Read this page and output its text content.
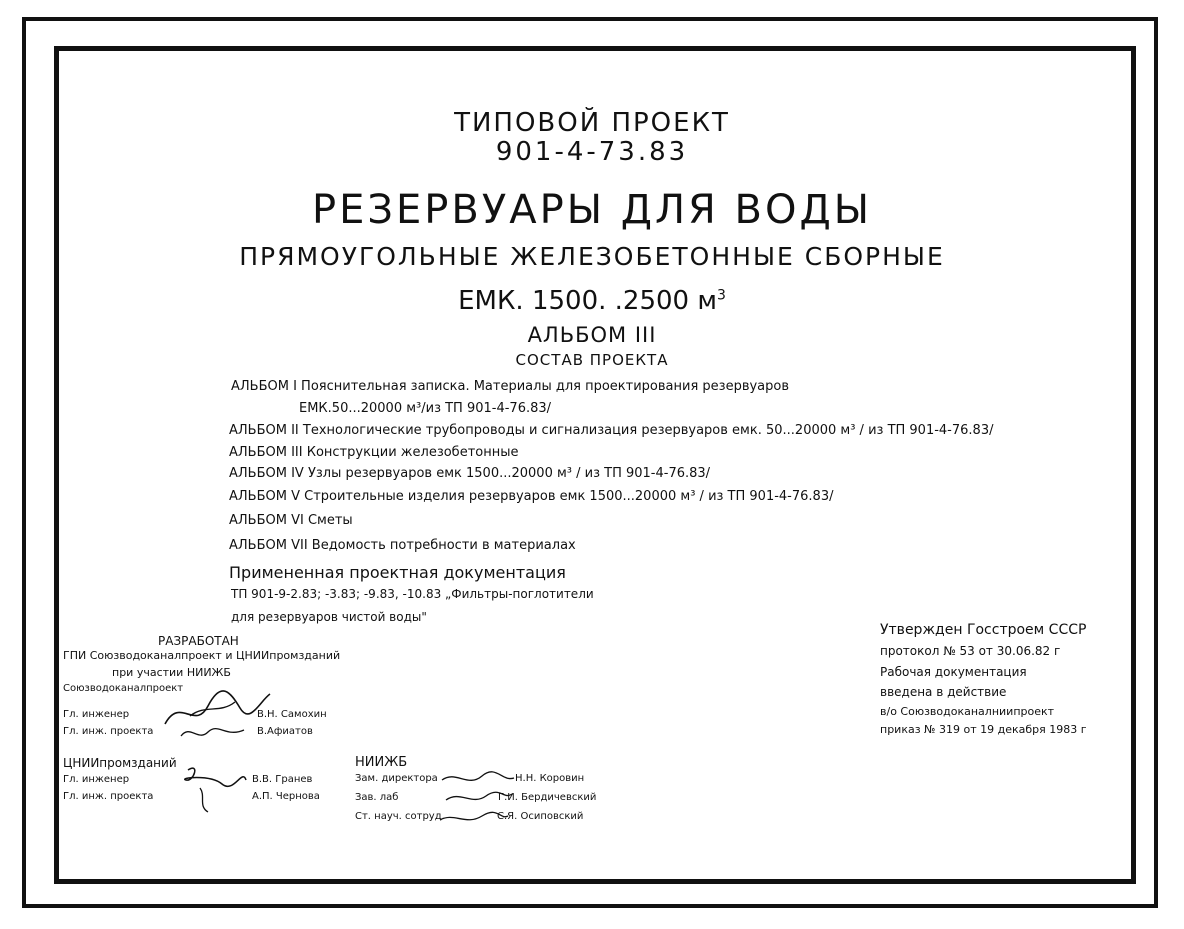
ТИПОВОЙ ПРОЕКТ
901-4-73.83
РЕЗЕРВУАРЫ ДЛЯ ВОДЫ
ПРЯМОУГОЛЬНЫЕ ЖЕЛЕЗОБЕТОННЫЕ СБОРНЫЕ
ЕМК. 1500. .2500 $м^3$
АЛЬБОМ III
СОСТАВ ПРОЕКТА
АЛЬБОМ I Пояснительная записка. Материалы для проектирования резервуаров
ЕМК.50...20000 м³/из ТП 901-4-76.83/
АЛЬБОМ II Технологические трубопроводы и сигнализация резервуаров емк. 50...20000 м³ / из ТП 901-4-76.83/
АЛЬБОМ III Конструкции железобетонные
АЛЬБОМ IV Узлы резервуаров емк 1500...20000 м³ / из ТП 901-4-76.83/
АЛЬБОМ V Строительные изделия резервуаров емк 1500...20000 м³ / из ТП 901-4-76.83/
АЛЬБОМ VI Сметы
АЛЬБОМ VII Ведомость потребности в материалах
Примененная проектная документация
ТП 901-9-2.83; -3.83; -9.83, -10.83 „Фильтры-поглотители
для резервуаров чистой воды"
РАЗРАБОТАН
ГПИ Союзводоканалпроект и ЦНИИпромзданий
при участии НИИЖБ
Союзводоканалпроект
Гл. инженер	В.Н. Самохин
Гл. инж. проекта	В.Афиатов
ЦНИИпромзданий
Гл. инженер	В.В. Гранев
Гл. инж. проекта	А.П. Чернова
НИИЖБ
Зам. директора	Н.Н. Коровин
Зав. лаб	Г.И. Бердичевский
Ст. науч. сотруд.	С.Я. Осиповский
Утвержден Госстроем СССР
протокол № 53 от 30.06.82 г
Рабочая документация
введена в действие
в/о Союзводоканалниипроект
приказ № 319 от 19 декабря 1983 г
